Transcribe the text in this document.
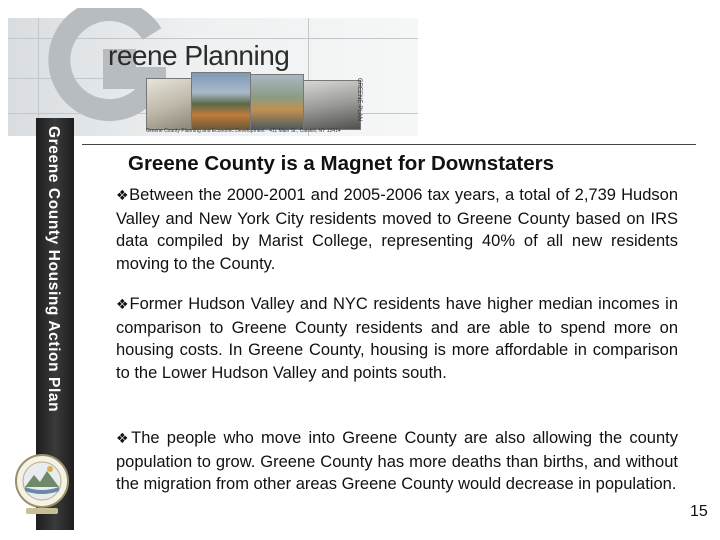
reene Planning
GREENE·PLAN
Greene County Planning and Economic Development · 411 Main St., Catskill, NY 12414
Greene County Housing Action Plan	Greene County is a Magnet for Downstaters
❖Between the 2000-2001 and 2005-2006 tax years, a total of 2,739 Hudson Valley and New York City residents moved to Greene County based on IRS data compiled by Marist College, representing 40% of all new residents moving to the County.
❖Former Hudson Valley and NYC residents have higher median incomes in comparison to Greene County residents and are able to spend more on housing costs. In Greene County, housing is more affordable in comparison to the Lower Hudson Valley and points south.
❖The people who move into Greene County are also allowing the county population to grow. Greene County has more deaths than births, and without the migration from other areas Greene County would decrease in population.
15
